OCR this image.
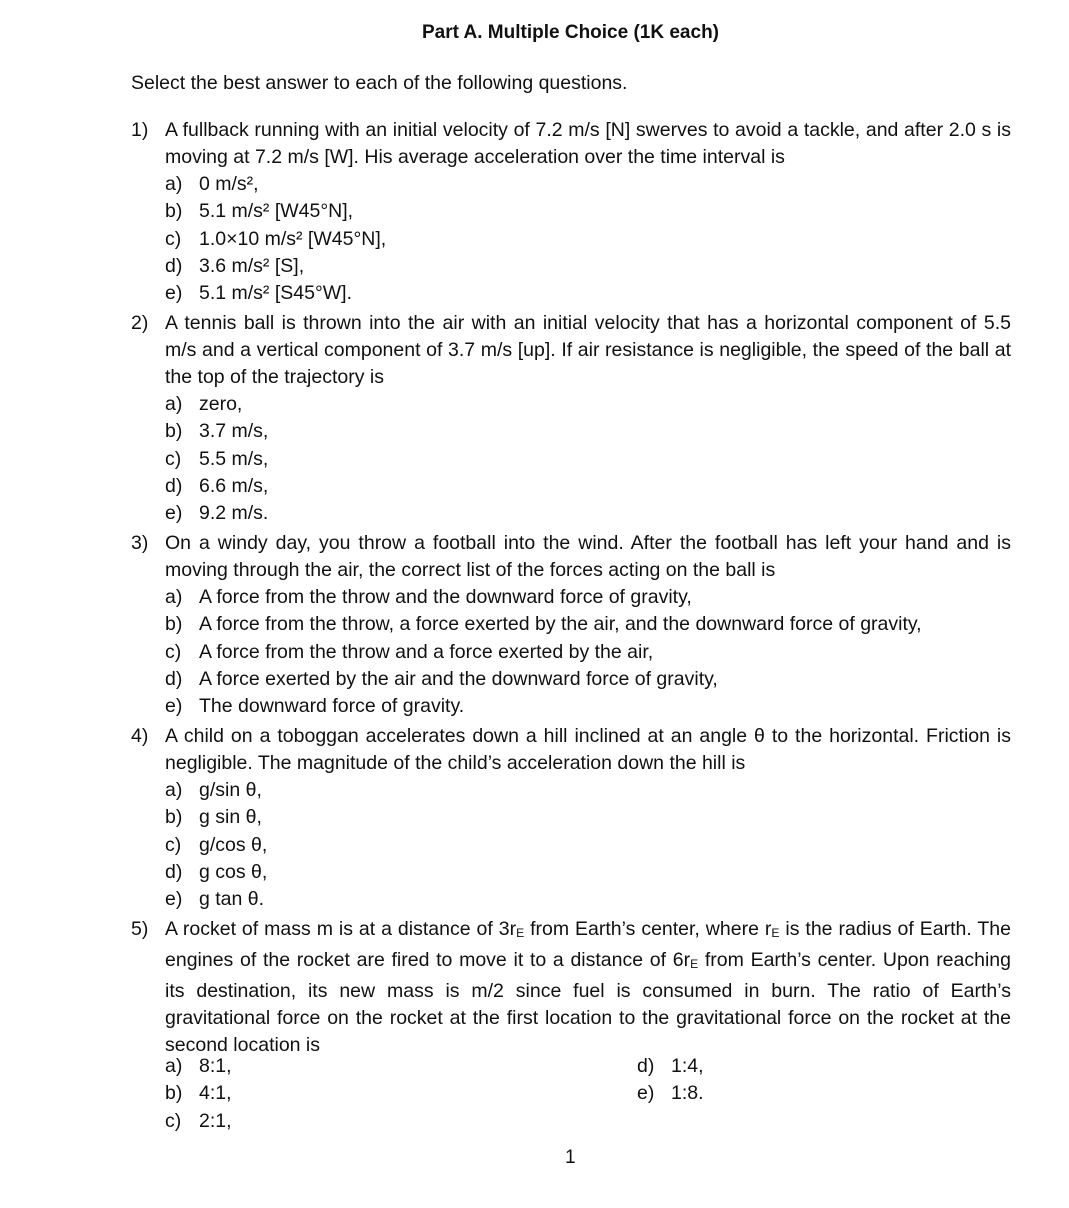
Part A. Multiple Choice (1K each)
Select the best answer to each of the following questions.
1) A fullback running with an initial velocity of 7.2 m/s [N] swerves to avoid a tackle, and after 2.0 s is moving at 7.2 m/s [W]. His average acceleration over the time interval is
a) 0 m/s²,
b) 5.1 m/s² [W45°N],
c) 1.0×10 m/s² [W45°N],
d) 3.6 m/s² [S],
e) 5.1 m/s² [S45°W].
2) A tennis ball is thrown into the air with an initial velocity that has a horizontal component of 5.5 m/s and a vertical component of 3.7 m/s [up]. If air resistance is negligible, the speed of the ball at the top of the trajectory is
a) zero,
b) 3.7 m/s,
c) 5.5 m/s,
d) 6.6 m/s,
e) 9.2 m/s.
3) On a windy day, you throw a football into the wind. After the football has left your hand and is moving through the air, the correct list of the forces acting on the ball is
a) A force from the throw and the downward force of gravity,
b) A force from the throw, a force exerted by the air, and the downward force of gravity,
c) A force from the throw and a force exerted by the air,
d) A force exerted by the air and the downward force of gravity,
e) The downward force of gravity.
4) A child on a toboggan accelerates down a hill inclined at an angle θ to the horizontal. Friction is negligible. The magnitude of the child’s acceleration down the hill is
a) g/sin θ,
b) g sin θ,
c) g/cos θ,
d) g cos θ,
e) g tan θ.
5) A rocket of mass m is at a distance of $3r_E$ from Earth’s center, where $r_E$ is the radius of Earth. The engines of the rocket are fired to move it to a distance of $6r_E$ from Earth’s center. Upon reaching its destination, its new mass is m/2 since fuel is consumed in burn. The ratio of Earth’s gravitational force on the rocket at the first location to the gravitational force on the rocket at the second location is
a) 8:1,
b) 4:1,
c) 2:1,
d) 1:4,
e) 1:8.
1
